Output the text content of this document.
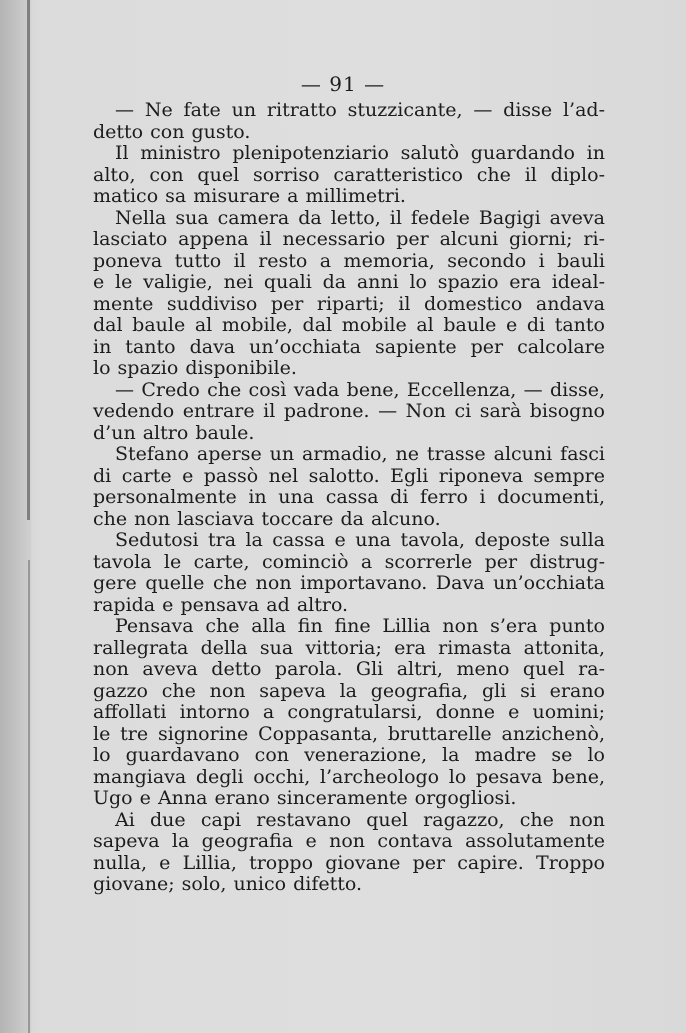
— 91 —
— Ne fate un ritratto stuzzicante, — disse l’ad-
detto con gusto.
Il ministro plenipotenziario salutò guardando in
alto, con quel sorriso caratteristico che il diplo-
matico sa misurare a millimetri.
Nella sua camera da letto, il fedele Bagigi aveva
lasciato appena il necessario per alcuni giorni; ri-
poneva tutto il resto a memoria, secondo i bauli
e le valigie, nei quali da anni lo spazio era ideal-
mente suddiviso per riparti; il domestico andava
dal baule al mobile, dal mobile al baule e di tanto
in tanto dava un’occhiata sapiente per calcolare
lo spazio disponibile.
— Credo che così vada bene, Eccellenza, — disse,
vedendo entrare il padrone. — Non ci sarà bisogno
d’un altro baule.
Stefano aperse un armadio, ne trasse alcuni fasci
di carte e passò nel salotto. Egli riponeva sempre
personalmente in una cassa di ferro i documenti,
che non lasciava toccare da alcuno.
Sedutosi tra la cassa e una tavola, deposte sulla
tavola le carte, cominciò a scorrerle per distrug-
gere quelle che non importavano. Dava un’occhiata
rapida e pensava ad altro.
Pensava che alla fin fine Lillia non s’era punto
rallegrata della sua vittoria; era rimasta attonita,
non aveva detto parola. Gli altri, meno quel ra-
gazzo che non sapeva la geografia, gli si erano
affollati intorno a congratularsi, donne e uomini;
le tre signorine Coppasanta, bruttarelle anzichenò,
lo guardavano con venerazione, la madre se lo
mangiava degli occhi, l’archeologo lo pesava bene,
Ugo e Anna erano sinceramente orgogliosi.
Ai due capi restavano quel ragazzo, che non
sapeva la geografia e non contava assolutamente
nulla, e Lillia, troppo giovane per capire. Troppo
giovane; solo, unico difetto.
